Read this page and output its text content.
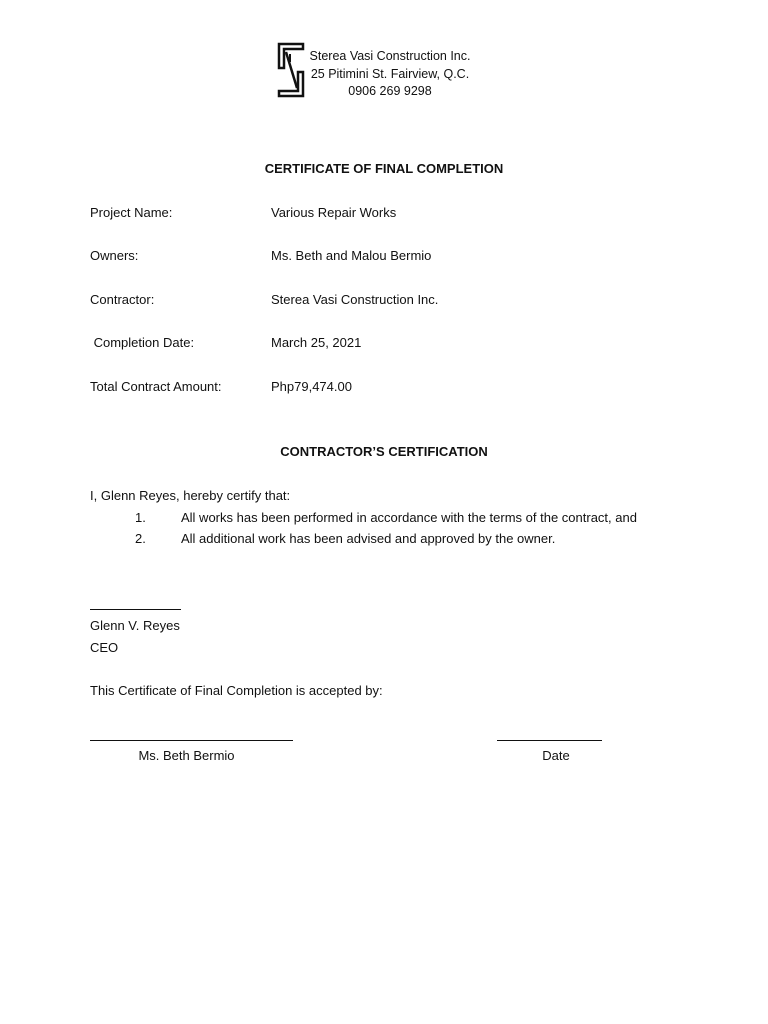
Sterea Vasi Construction Inc.
25 Pitimini St. Fairview, Q.C.
0906 269 9298
CERTIFICATE OF FINAL COMPLETION
Project Name:	Various Repair Works
Owners:	Ms. Beth and Malou Bermio
Contractor:	Sterea Vasi Construction Inc.
Completion Date:	March 25, 2021
Total Contract Amount:	Php79,474.00
CONTRACTOR’S CERTIFICATION
I, Glenn Reyes, hereby certify that:
1.	All works has been performed in accordance with the terms of the contract, and
2.	All additional work has been advised and approved by the owner.
Glenn V. Reyes
CEO
This Certificate of Final Completion is accepted by:
Ms. Beth Bermio	Date
